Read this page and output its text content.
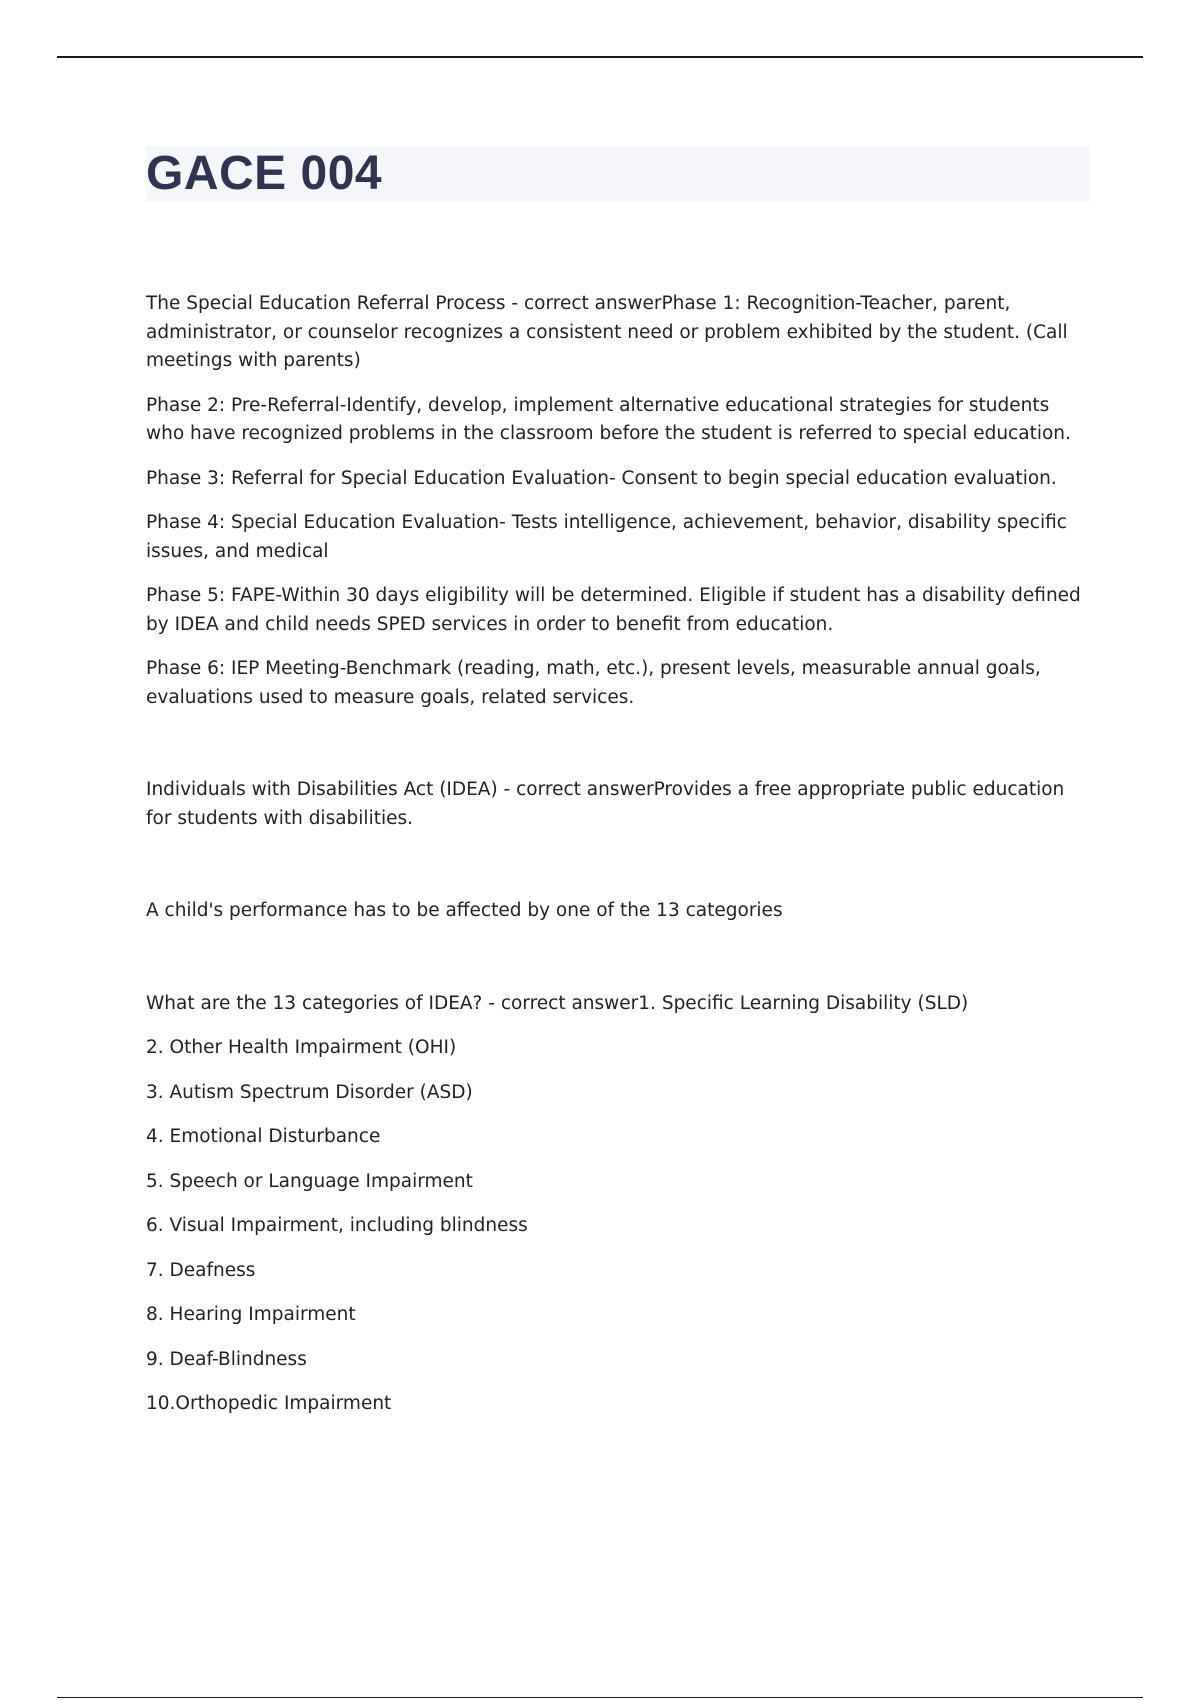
GACE 004

The Special Education Referral Process - correct answerPhase 1: Recognition-Teacher, parent, administrator, or counselor recognizes a consistent need or problem exhibited by the student. (Call meetings with parents)

Phase 2: Pre-Referral-Identify, develop, implement alternative educational strategies for students who have recognized problems in the classroom before the student is referred to special education.

Phase 3: Referral for Special Education Evaluation- Consent to begin special education evaluation.

Phase 4: Special Education Evaluation- Tests intelligence, achievement, behavior, disability specific issues, and medical

Phase 5: FAPE-Within 30 days eligibility will be determined. Eligible if student has a disability defined by IDEA and child needs SPED services in order to benefit from education.

Phase 6: IEP Meeting-Benchmark (reading, math, etc.), present levels, measurable annual goals, evaluations used to measure goals, related services.

Individuals with Disabilities Act (IDEA) - correct answerProvides a free appropriate public education for students with disabilities.

A child's performance has to be affected by one of the 13 categories

What are the 13 categories of IDEA? - correct answer1. Specific Learning Disability (SLD)

2. Other Health Impairment (OHI)

3. Autism Spectrum Disorder (ASD)

4. Emotional Disturbance

5. Speech or Language Impairment

6. Visual Impairment, including blindness

7. Deafness

8. Hearing Impairment

9. Deaf-Blindness

10.Orthopedic Impairment
